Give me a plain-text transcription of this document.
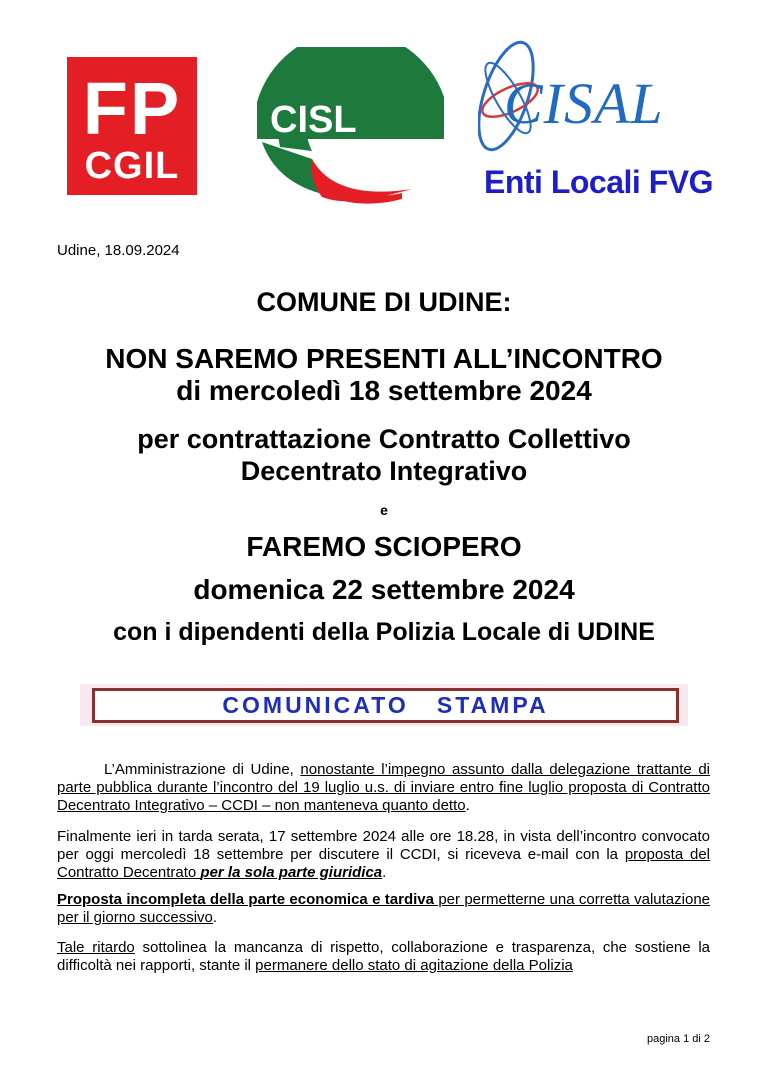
FP
CGIL
CISL FP CISAL
Enti Locali FVG
Udine, 18.09.2024
COMUNE DI UDINE:
NON SAREMO PRESENTI ALL’INCONTRO
di mercoledì 18 settembre 2024
per contrattazione Contratto Collettivo
Decentrato Integrativo
e
FAREMO SCIOPERO
domenica 22 settembre 2024
con i dipendenti della Polizia Locale di UDINE
COMUNICATO   STAMPA
L’Amministrazione di Udine, nonostante l’impegno assunto dalla delegazione trattante di parte pubblica durante l’incontro del 19 luglio u.s. di inviare entro fine luglio proposta di Contratto Decentrato Integrativo – CCDI – non manteneva quanto detto.
Finalmente ieri in tarda serata, 17 settembre 2024 alle ore 18.28, in vista dell’incontro convocato per oggi mercoledì 18 settembre per discutere il CCDI, si riceveva e-mail con la proposta del Contratto Decentrato per la sola parte giuridica.
Proposta incompleta della parte economica e tardiva per permetterne una corretta valutazione per il giorno successivo.
Tale ritardo sottolinea la mancanza di rispetto, collaborazione e trasparenza, che sostiene la difficoltà nei rapporti, stante il permanere dello stato di agitazione della Polizia
pagina 1 di 2
